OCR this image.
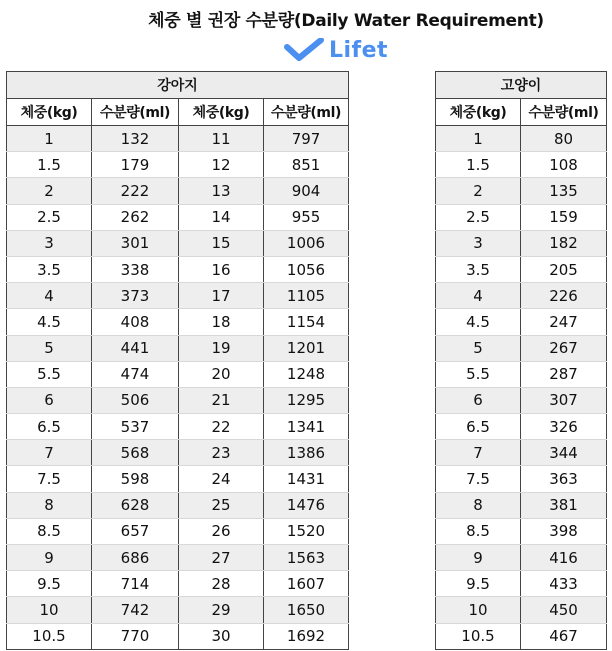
체중 별 권장 수분량(Daily Water Requirement)
Lifet
강아지			
체중(kg)	수분량(ml)	체중(kg)	수분량(ml)
1	132	11	797
1.5	179	12	851
2	222	13	904
2.5	262	14	955
3	301	15	1006
3.5	338	16	1056
4	373	17	1105
4.5	408	18	1154
5	441	19	1201
5.5	474	20	1248
6	506	21	1295
6.5	537	22	1341
7	568	23	1386
7.5	598	24	1431
8	628	25	1476
8.5	657	26	1520
9	686	27	1563
9.5	714	28	1607
10	742	29	1650
10.5	770	30	1692
고양이	
체중(kg)	수분량(ml)
1	80
1.5	108
2	135
2.5	159
3	182
3.5	205
4	226
4.5	247
5	267
5.5	287
6	307
6.5	326
7	344
7.5	363
8	381
8.5	398
9	416
9.5	433
10	450
10.5	467
